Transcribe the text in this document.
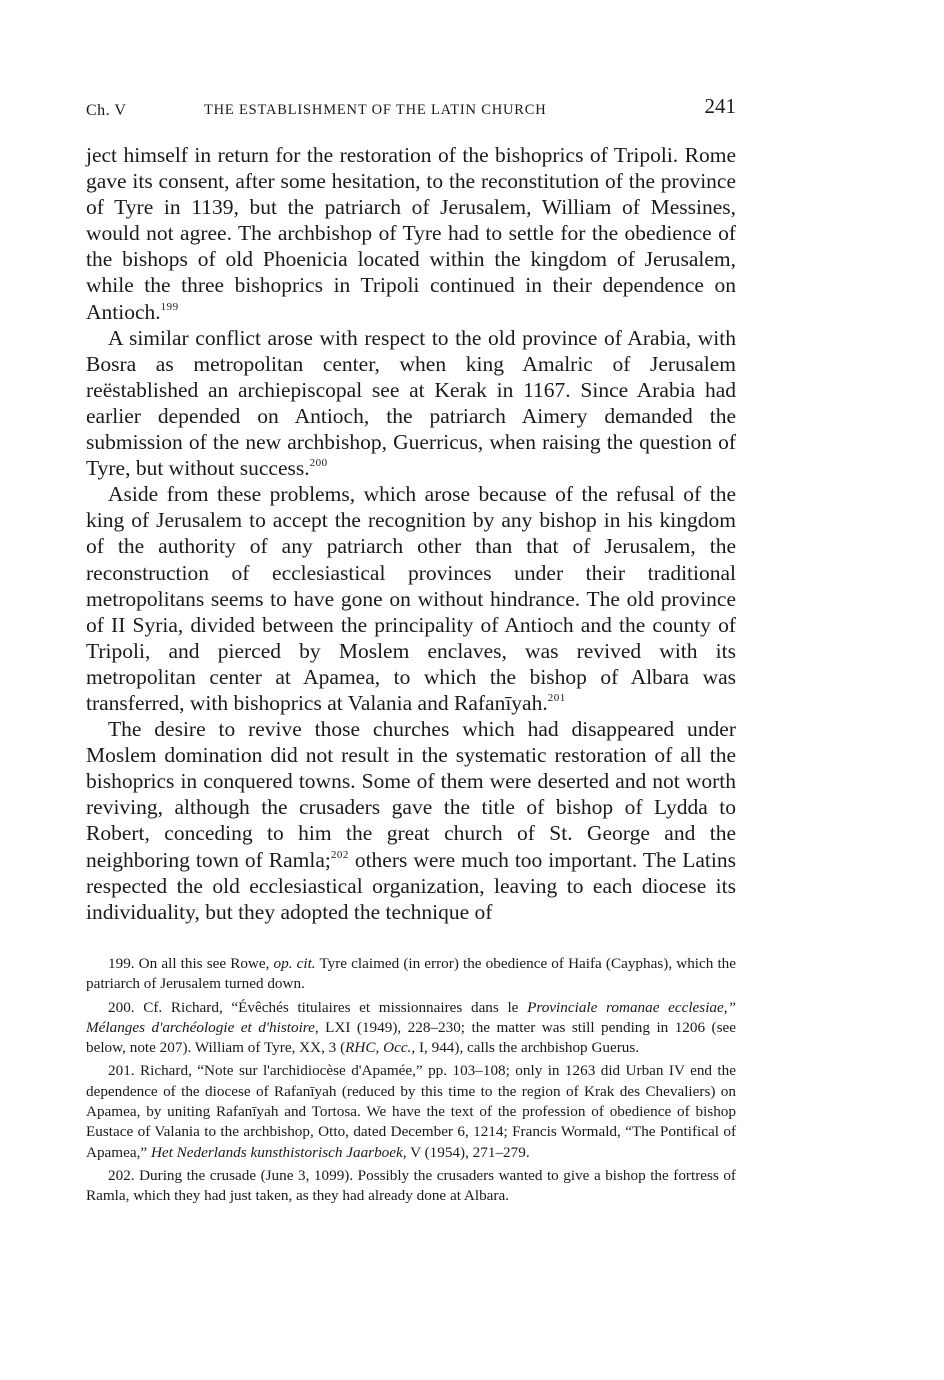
Ch. V	THE ESTABLISHMENT OF THE LATIN CHURCH	241

ject himself in return for the restoration of the bishoprics of Tripoli. Rome gave its consent, after some hesitation, to the reconstitution of the province of Tyre in 1139, but the patriarch of Jerusalem, William of Messines, would not agree. The archbishop of Tyre had to settle for the obedience of the bishops of old Phoenicia located within the kingdom of Jerusalem, while the three bishoprics in Tripoli continued in their dependence on Antioch.$^{199}$

A similar conflict arose with respect to the old province of Arabia, with Bosra as metropolitan center, when king Amalric of Jerusalem reëstablished an archiepiscopal see at Kerak in 1167. Since Arabia had earlier depended on Antioch, the patriarch Aimery demanded the submission of the new archbishop, Guerricus, when raising the question of Tyre, but without success.$^{200}$

Aside from these problems, which arose because of the refusal of the king of Jerusalem to accept the recognition by any bishop in his kingdom of the authority of any patriarch other than that of Jerusalem, the reconstruction of ecclesiastical provinces under their traditional metropolitans seems to have gone on without hindrance. The old province of II Syria, divided between the principality of Antioch and the county of Tripoli, and pierced by Moslem enclaves, was revived with its metropolitan center at Apamea, to which the bishop of Albara was transferred, with bishoprics at Valania and Rafanīyah.$^{201}$

The desire to revive those churches which had disappeared under Moslem domination did not result in the systematic restoration of all the bishoprics in conquered towns. Some of them were deserted and not worth reviving, although the crusaders gave the title of bishop of Lydda to Robert, conceding to him the great church of St. George and the neighboring town of Ramla;$^{202}$ others were much too important. The Latins respected the old ecclesiastical organization, leaving to each diocese its individuality, but they adopted the technique of

199. On all this see Rowe, op. cit. Tyre claimed (in error) the obedience of Haifa (Cayphas), which the patriarch of Jerusalem turned down.

200. Cf. Richard, “Évêchés titulaires et missionnaires dans le Provinciale romanae ecclesiae,” Mélanges d'archéologie et d'histoire, LXI (1949), 228–230; the matter was still pending in 1206 (see below, note 207). William of Tyre, XX, 3 (RHC, Occ., I, 944), calls the archbishop Guerus.

201. Richard, “Note sur l'archidiocèse d'Apamée,” pp. 103–108; only in 1263 did Urban IV end the dependence of the diocese of Rafanīyah (reduced by this time to the region of Krak des Chevaliers) on Apamea, by uniting Rafanīyah and Tortosa. We have the text of the profession of obedience of bishop Eustace of Valania to the archbishop, Otto, dated December 6, 1214; Francis Wormald, “The Pontifical of Apamea,” Het Nederlands kunsthistorisch Jaarboek, V (1954), 271–279.

202. During the crusade (June 3, 1099). Possibly the crusaders wanted to give a bishop the fortress of Ramla, which they had just taken, as they had already done at Albara.
